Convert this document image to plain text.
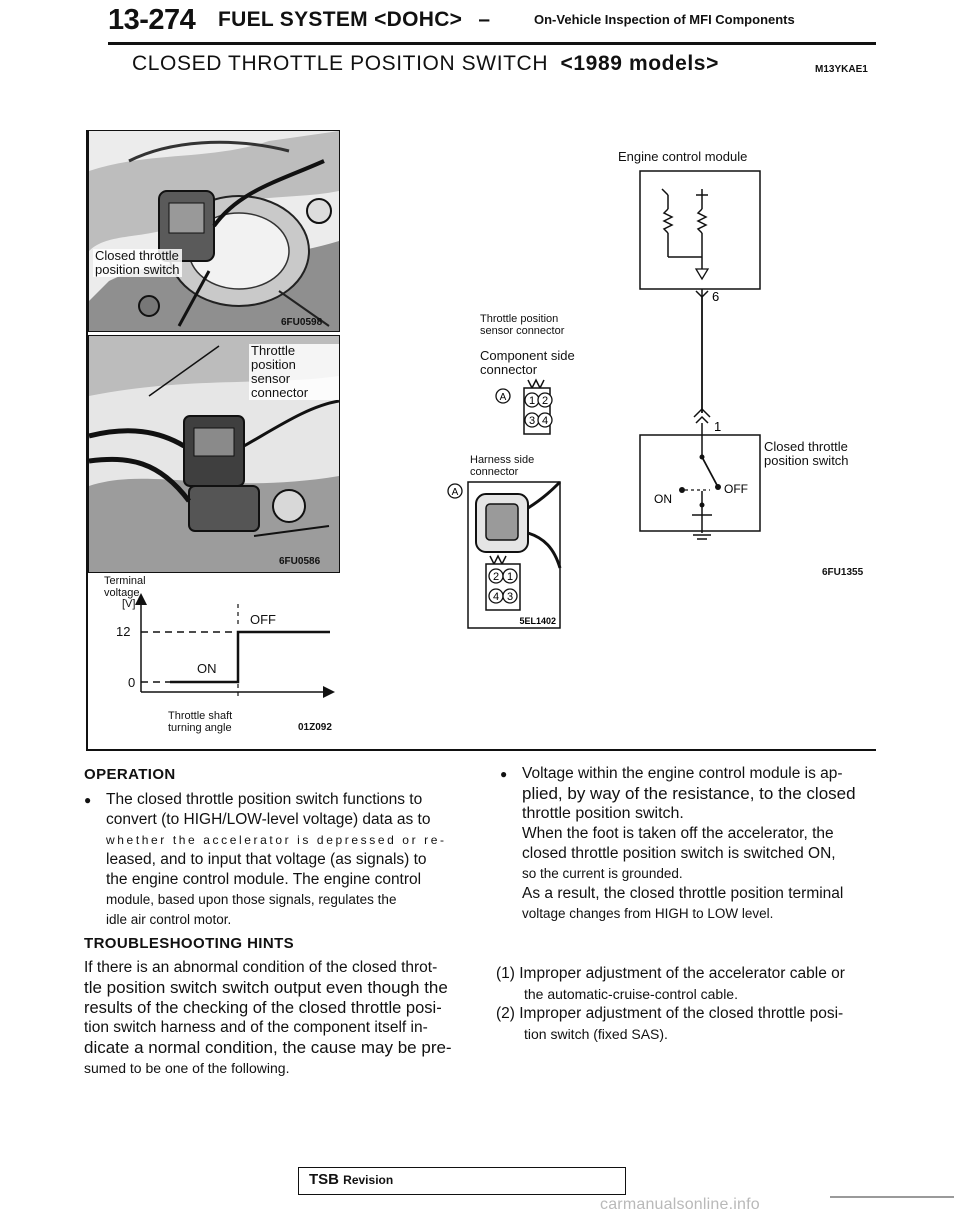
13-274 FUEL SYSTEM <DOHC> –	On-Vehicle Inspection of MFI Components
CLOSED THROTTLE POSITION SWITCH <1989 models>	M13YKAE1
Closed throttle
position switch
6FU0598
Throttle position
sensor connector
6FU0586
Terminal
voltage
[V]
12
0
OFF
ON
Throttle shaft
turning angle	01Z092
Throttle position
sensor connector
Component side
connector
A 1 2
3 4
Harness side
connector
A
2 1
4 3
5EL1402
Engine control module
6
1
ON
OFF
Closed throttle
position switch
6FU1355
OPERATION
● The closed throttle position switch functions to

convert (to HIGH/LOW-level voltage) data as to

whether the accelerator is depressed or re-

leased, and to input that voltage (as signals) to

the engine control module. The engine control

module, based upon those signals, regulates the

idle air control motor.

TROUBLESHOOTING HINTS

If there is an abnormal condition of the closed throt-

tle position switch switch output even though the

results of the checking of the closed throttle posi-

tion switch harness and of the component itself in-

dicate a normal condition, the cause may be pre-

sumed to be one of the following.

● Voltage within the engine control module is ap-

plied, by way of the resistance, to the closed

throttle position switch.

When the foot is taken off the accelerator, the

closed throttle position switch is switched ON,

so the current is grounded.

As a result, the closed throttle position terminal

voltage changes from HIGH to LOW level.

(1) Improper adjustment of the accelerator cable or

the automatic-cruise-control cable.

(2) Improper adjustment of the closed throttle posi-

tion switch (fixed SAS).

TSB Revision
carmanualsonline.info
